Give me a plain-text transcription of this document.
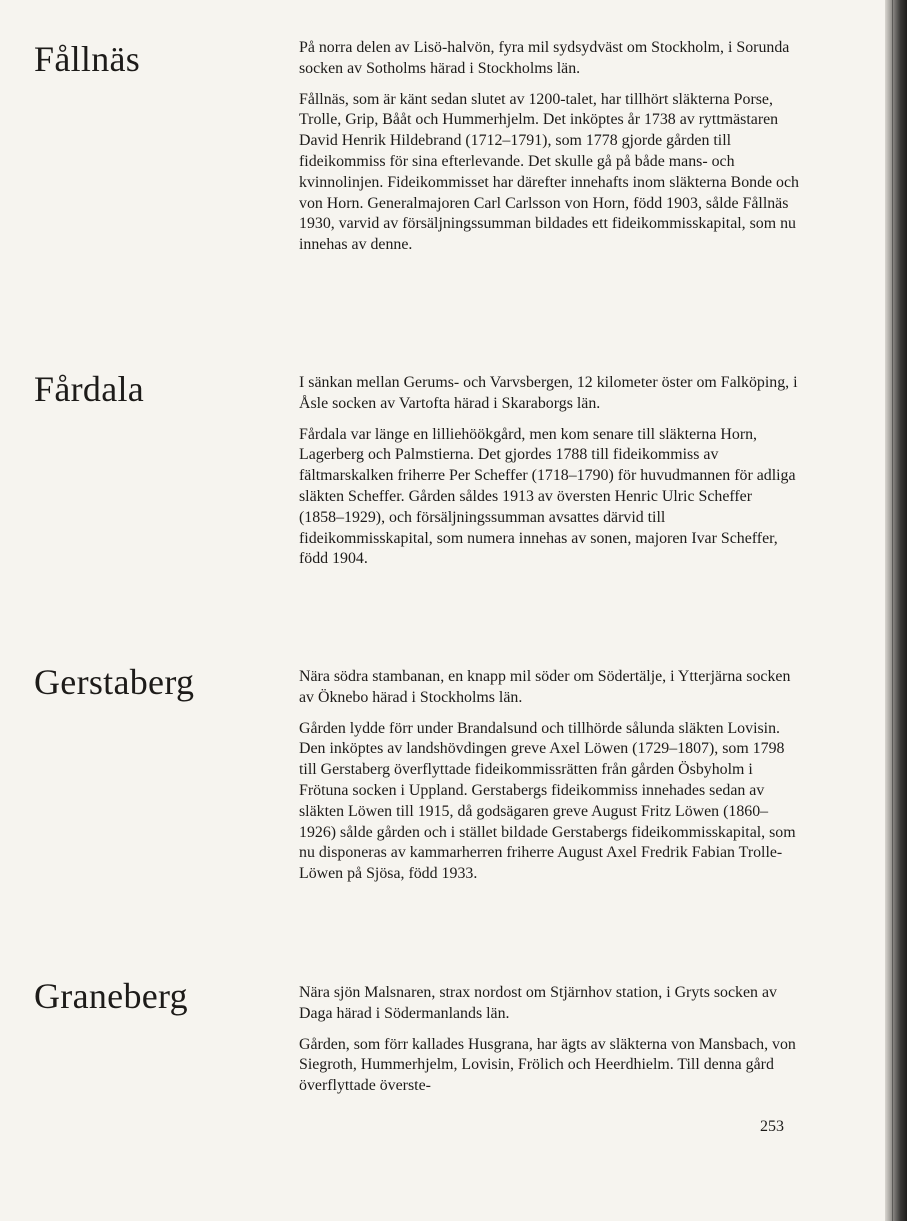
Fållnäs	På norra delen av Lisö-halvön, fyra mil sydsydväst om Stockholm, i Sorunda socken av Sotholms härad i Stockholms län.

Fållnäs, som är känt sedan slutet av 1200-talet, har tillhört släkterna Porse, Trolle, Grip, Bååt och Hummerhjelm. Det inköptes år 1738 av ryttmästaren David Henrik Hildebrand (1712–1791), som 1778 gjorde gården till fideikommiss för sina efterlevande. Det skulle gå på både mans- och kvinnolinjen. Fideikommisset har därefter innehafts inom släkterna Bonde och von Horn. Generalmajoren Carl Carlsson von Horn, född 1903, sålde Fållnäs 1930, varvid av försäljningssumman bildades ett fideikommisskapital, som nu innehas av denne.

Fårdala	I sänkan mellan Gerums- och Varvsbergen, 12 kilometer öster om Falköping, i Åsle socken av Vartofta härad i Skaraborgs län.

Fårdala var länge en lilliehöökgård, men kom senare till släkterna Horn, Lagerberg och Palmstierna. Det gjordes 1788 till fideikommiss av fältmarskalken friherre Per Scheffer (1718–1790) för huvudmannen för adliga släkten Scheffer. Gården såldes 1913 av översten Henric Ulric Scheffer (1858–1929), och försäljningssumman avsattes därvid till fideikommisskapital, som numera innehas av sonen, majoren Ivar Scheffer, född 1904.

Gerstaberg	Nära södra stambanan, en knapp mil söder om Södertälje, i Ytterjärna socken av Öknebo härad i Stockholms län.

Gården lydde förr under Brandalsund och tillhörde sålunda släkten Lovisin. Den inköptes av landshövdingen greve Axel Löwen (1729–1807), som 1798 till Gerstaberg överflyttade fideikommissrätten från gården Ösbyholm i Frötuna socken i Uppland. Gerstabergs fideikommiss innehades sedan av släkten Löwen till 1915, då godsägaren greve August Fritz Löwen (1860–1926) sålde gården och i stället bildade Gerstabergs fideikommisskapital, som nu disponeras av kammarherren friherre August Axel Fredrik Fabian Trolle-Löwen på Sjösa, född 1933.

Graneberg	Nära sjön Malsnaren, strax nordost om Stjärnhov station, i Gryts socken av Daga härad i Södermanlands län.

Gården, som förr kallades Husgrana, har ägts av släkterna von Mansbach, von Siegroth, Hummerhjelm, Lovisin, Frölich och Heerdhielm. Till denna gård överflyttade överste-

253
